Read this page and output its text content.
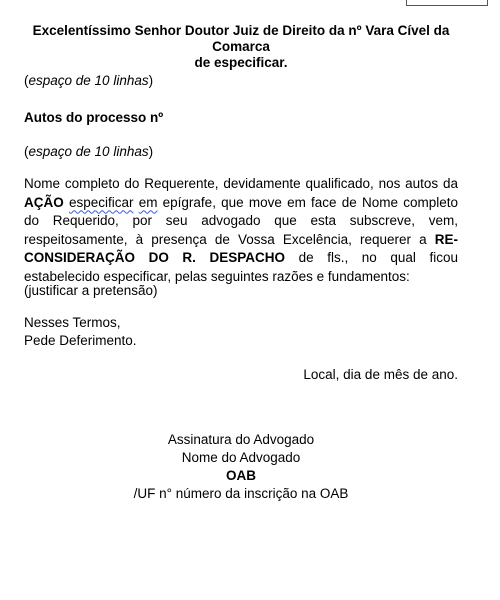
Excelentíssimo Senhor Doutor Juiz de Direito da nº Vara Cível da Comarca
de especificar.
(espaço de 10 linhas)
Autos do processo nº
(espaço de 10 linhas)
Nome completo do Requerente, devidamente qualificado, nos autos da AÇÃO especificar em epígrafe, que move em face de Nome completo do Requerido, por seu advogado que esta subscreve, vem, respeitosamente, à presença de Vossa Excelência, requerer a RE-CONSIDERAÇÃO DO R. DESPACHO de fls., no qual ficou estabelecido especificar, pelas seguintes razões e fundamentos:
(justificar a pretensão)
Nesses Termos,
Pede Deferimento.
Local, dia de mês de ano.
Assinatura do Advogado
Nome do Advogado
OAB
/UF n° número da inscrição na OAB
